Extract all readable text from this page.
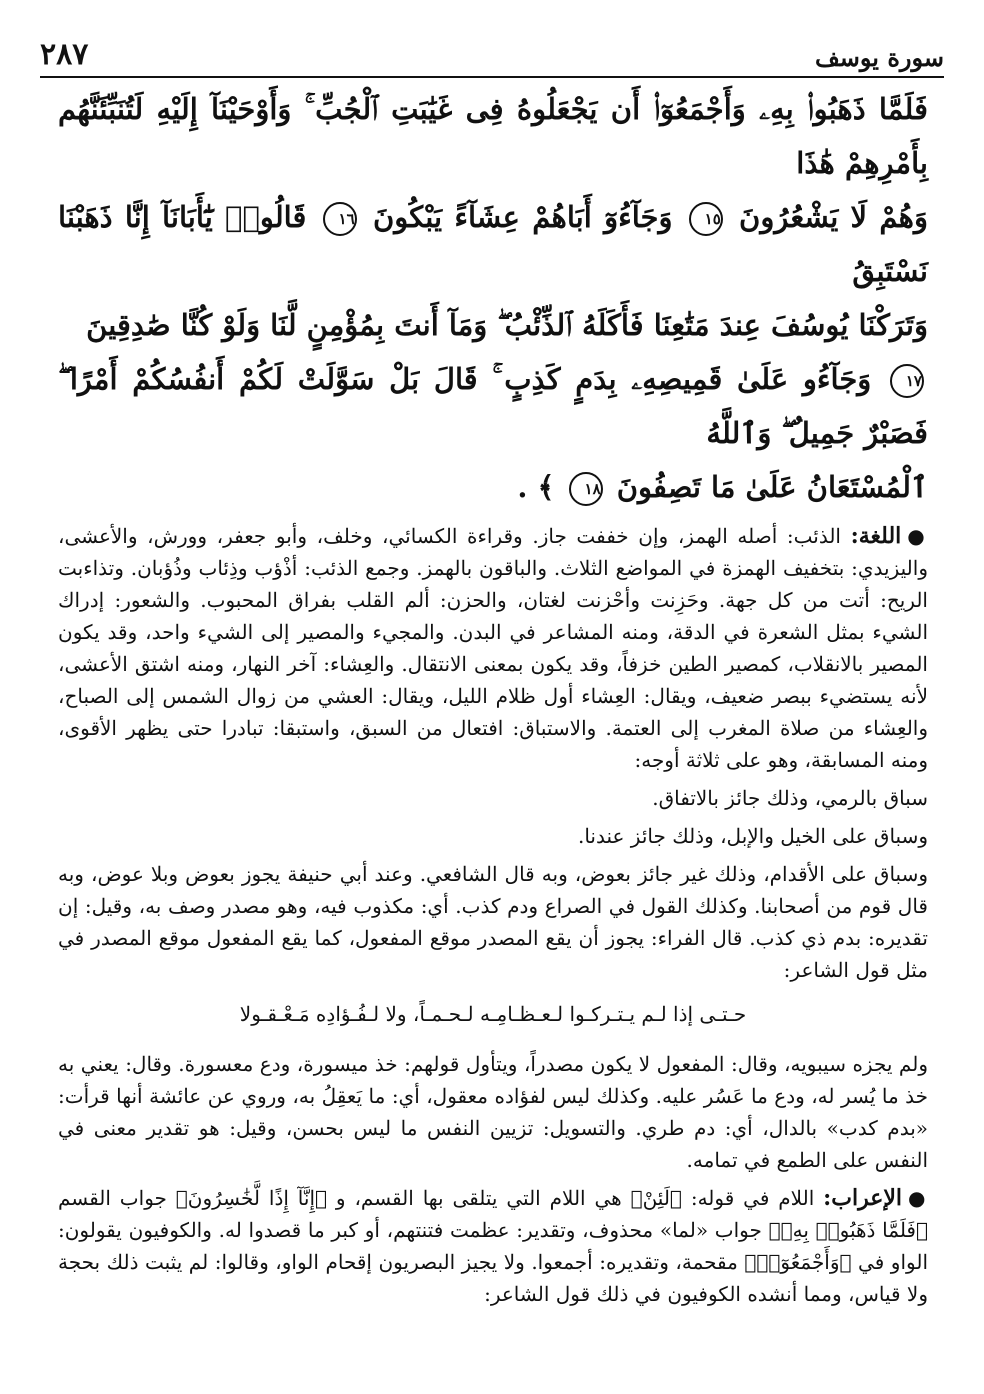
٢٨٧	سورة يوسف

فَلَمَّا ذَهَبُوا۟ بِهِۦ وَأَجْمَعُوٓا۟ أَن يَجْعَلُوهُ فِى غَيَٰبَتِ ٱلْجُبِّ ۚ وَأَوْحَيْنَآ إِلَيْهِ لَتُنَبِّئَنَّهُم بِأَمْرِهِمْ هَٰذَا

وَهُمْ لَا يَشْعُرُونَ ١٥ وَجَآءُوٓ أَبَاهُمْ عِشَآءً يَبْكُونَ ١٦ قَالُوا۟ يَٰٓأَبَانَآ إِنَّا ذَهَبْنَا نَسْتَبِقُ

وَتَرَكْنَا يُوسُفَ عِندَ مَتَٰعِنَا فَأَكَلَهُ ٱلذِّئْبُ ۖ وَمَآ أَنتَ بِمُؤْمِنٍ لَّنَا وَلَوْ كُنَّا صَٰدِقِينَ

١٧ وَجَآءُو عَلَىٰ قَمِيصِهِۦ بِدَمٍ كَذِبٍ ۚ قَالَ بَلْ سَوَّلَتْ لَكُمْ أَنفُسُكُمْ أَمْرًا ۖ فَصَبْرٌ جَمِيلٌ ۖ وَٱللَّهُ

ٱلْمُسْتَعَانُ عَلَىٰ مَا تَصِفُونَ ١٨ ﴾ .

●اللغة: الذئب: أصله الهمز، وإن خففت جاز. وقراءة الكسائي، وخلف، وأبو جعفر، وورش، والأعشى، واليزيدي: بتخفيف الهمزة في المواضع الثلاث. والباقون بالهمز. وجمع الذئب: أذْؤب وذِئاب وذُؤبان. وتذاءبت الريح: أتت من كل جهة. وحَزِنت وأحْزنت لغتان، والحزن: ألم القلب بفراق المحبوب. والشعور: إدراك الشيء بمثل الشعرة في الدقة، ومنه المشاعر في البدن. والمجيء والمصير إلى الشيء واحد، وقد يكون المصير بالانقلاب، كمصير الطين خزفاً، وقد يكون بمعنى الانتقال. والعِشاء: آخر النهار، ومنه اشتق الأعشى، لأنه يستضيء ببصر ضعيف، ويقال: العِشاء أول ظلام الليل، ويقال: العشي من زوال الشمس إلى الصباح، والعِشاء من صلاة المغرب إلى العتمة. والاستباق: افتعال من السبق، واستبقا: تبادرا حتى يظهر الأقوى، ومنه المسابقة، وهو على ثلاثة أوجه:

سباق بالرمي، وذلك جائز بالاتفاق.

وسباق على الخيل والإبل، وذلك جائز عندنا.

وسباق على الأقدام، وذلك غير جائز بعوض، وبه قال الشافعي. وعند أبي حنيفة يجوز بعوض وبلا عوض، وبه قال قوم من أصحابنا. وكذلك القول في الصراع ودم كذب. أي: مكذوب فيه، وهو مصدر وصف به، وقيل: إن تقديره: بدم ذي كذب. قال الفراء: يجوز أن يقع المصدر موقع المفعول، كما يقع المفعول موقع المصدر في مثل قول الشاعر:

حـتـى إذا لـم يـتـركـوا لـعـظـامِـه لـحـمـاً، ولا لـفُـؤادِه مَـعْـقـولا

ولم يجزه سيبويه، وقال: المفعول لا يكون مصدراً، ويتأول قولهم: خذ ميسورة، ودع معسورة. وقال: يعني به خذ ما يُسر له، ودع ما عَسُر عليه. وكذلك ليس لفؤاده معقول، أي: ما يَعقِلُ به، وروي عن عائشة أنها قرأت: «بدم كدب» بالدال، أي: دم طري. والتسويل: تزيين النفس ما ليس بحسن، وقيل: هو تقدير معنى في النفس على الطمع في تمامه.

●الإعراب: اللام في قوله: ﴿لَئِنْ﴾ هي اللام التي يتلقى بها القسم، و ﴿إِنَّآ إِذًا لَّخَٰسِرُونَ﴾ جواب القسم ﴿فَلَمَّا ذَهَبُوا۟ بِهِۦ﴾ جواب «لما» محذوف، وتقدير: عظمت فتنتهم، أو كبر ما قصدوا له. والكوفيون يقولون: الواو في ﴿وَأَجْمَعُوٓا۟﴾ مقحمة، وتقديره: أجمعوا. ولا يجيز البصريون إقحام الواو، وقالوا: لم يثبت ذلك بحجة ولا قياس، ومما أنشده الكوفيون في ذلك قول الشاعر:
